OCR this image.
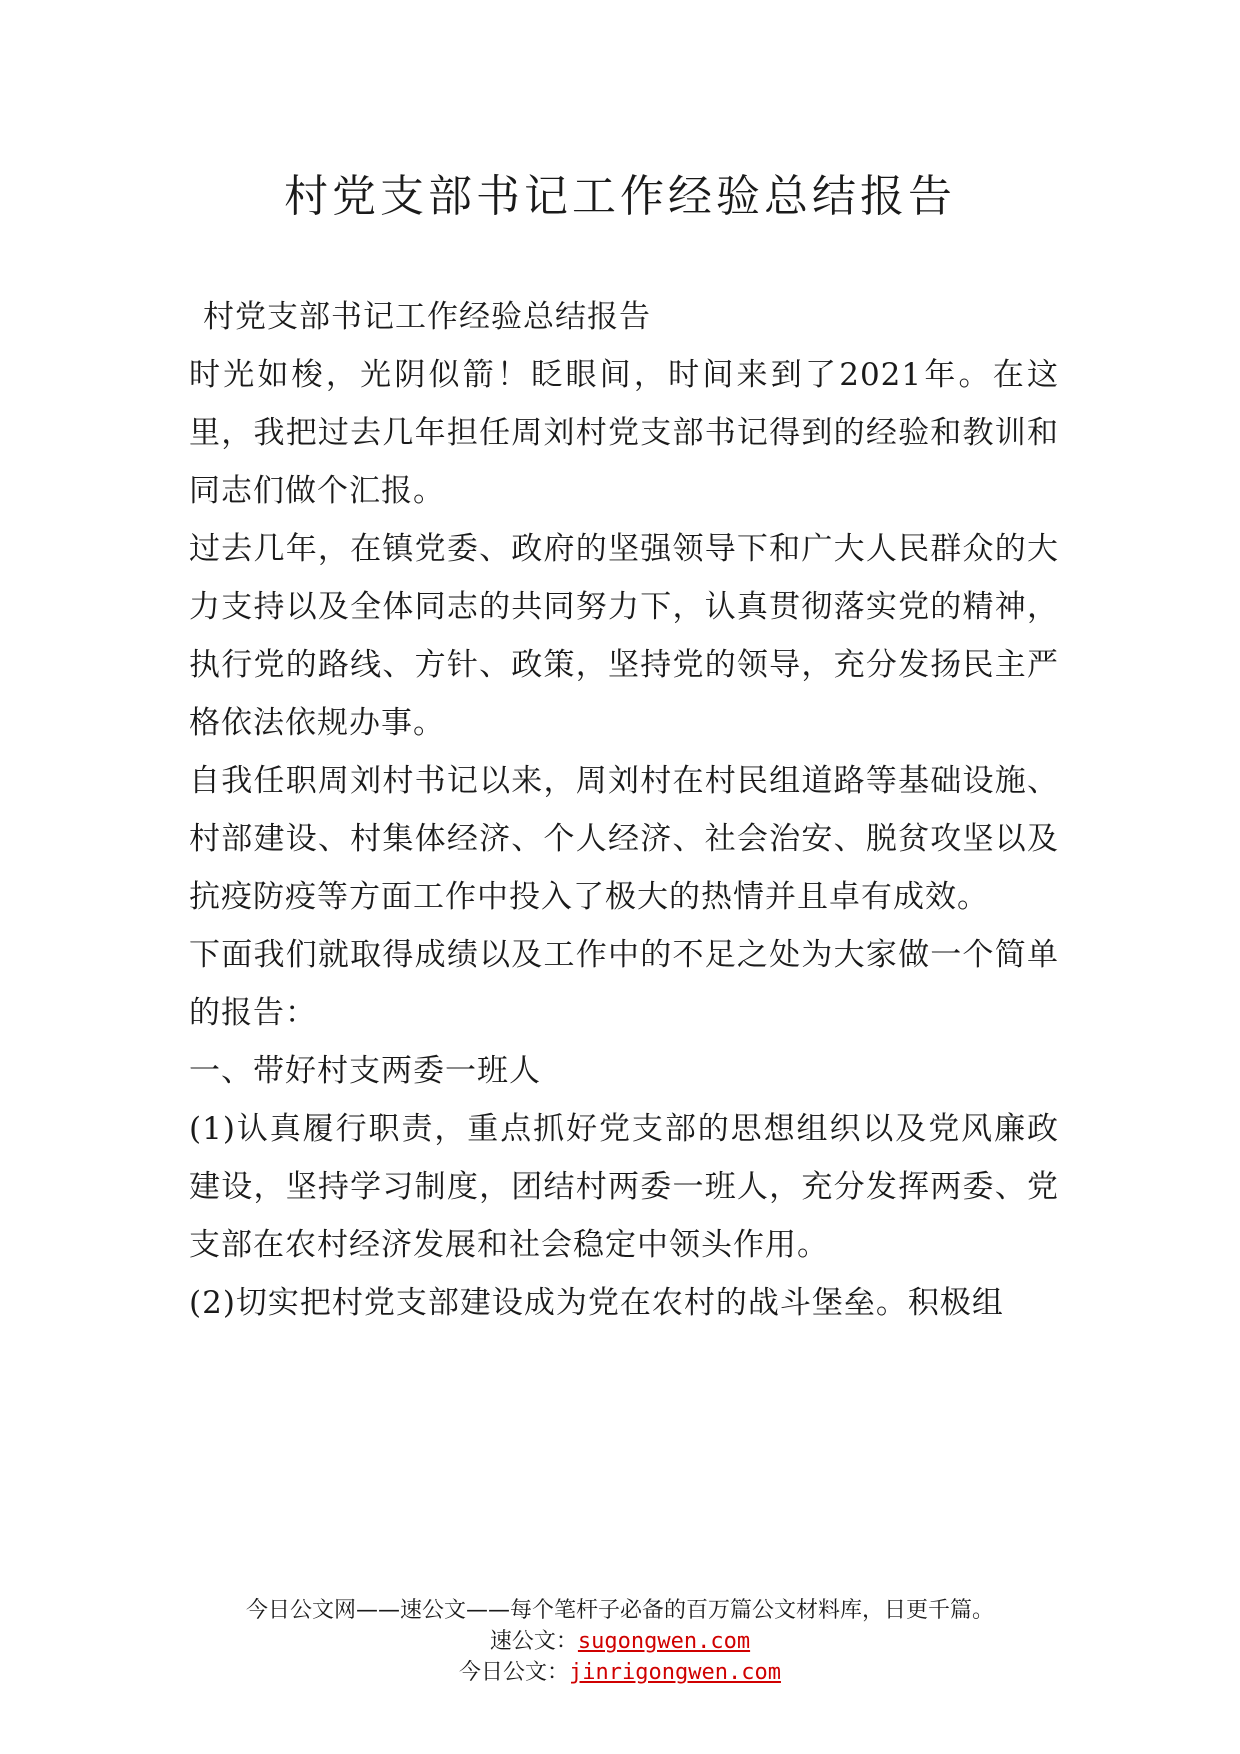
村党支部书记工作经验总结报告

村党支部书记工作经验总结报告

时光如梭，光阴似箭！眨眼间，时间来到了2021年。在这里，我把过去几年担任周刘村党支部书记得到的经验和教训和同志们做个汇报。

过去几年，在镇党委、政府的坚强领导下和广大人民群众的大力支持以及全体同志的共同努力下，认真贯彻落实党的精神，执行党的路线、方针、政策，坚持党的领导，充分发扬民主严格依法依规办事。

自我任职周刘村书记以来，周刘村在村民组道路等基础设施、村部建设、村集体经济、个人经济、社会治安、脱贫攻坚以及抗疫防疫等方面工作中投入了极大的热情并且卓有成效。

下面我们就取得成绩以及工作中的不足之处为大家做一个简单的报告：

一、带好村支两委一班人

(1)认真履行职责，重点抓好党支部的思想组织以及党风廉政建设，坚持学习制度，团结村两委一班人，充分发挥两委、党支部在农村经济发展和社会稳定中领头作用。

(2)切实把村党支部建设成为党在农村的战斗堡垒。积极组

今日公文网——速公文——每个笔杆子必备的百万篇公文材料库，日更千篇。
速公文：sugongwen.com
今日公文：jinrigongwen.com
